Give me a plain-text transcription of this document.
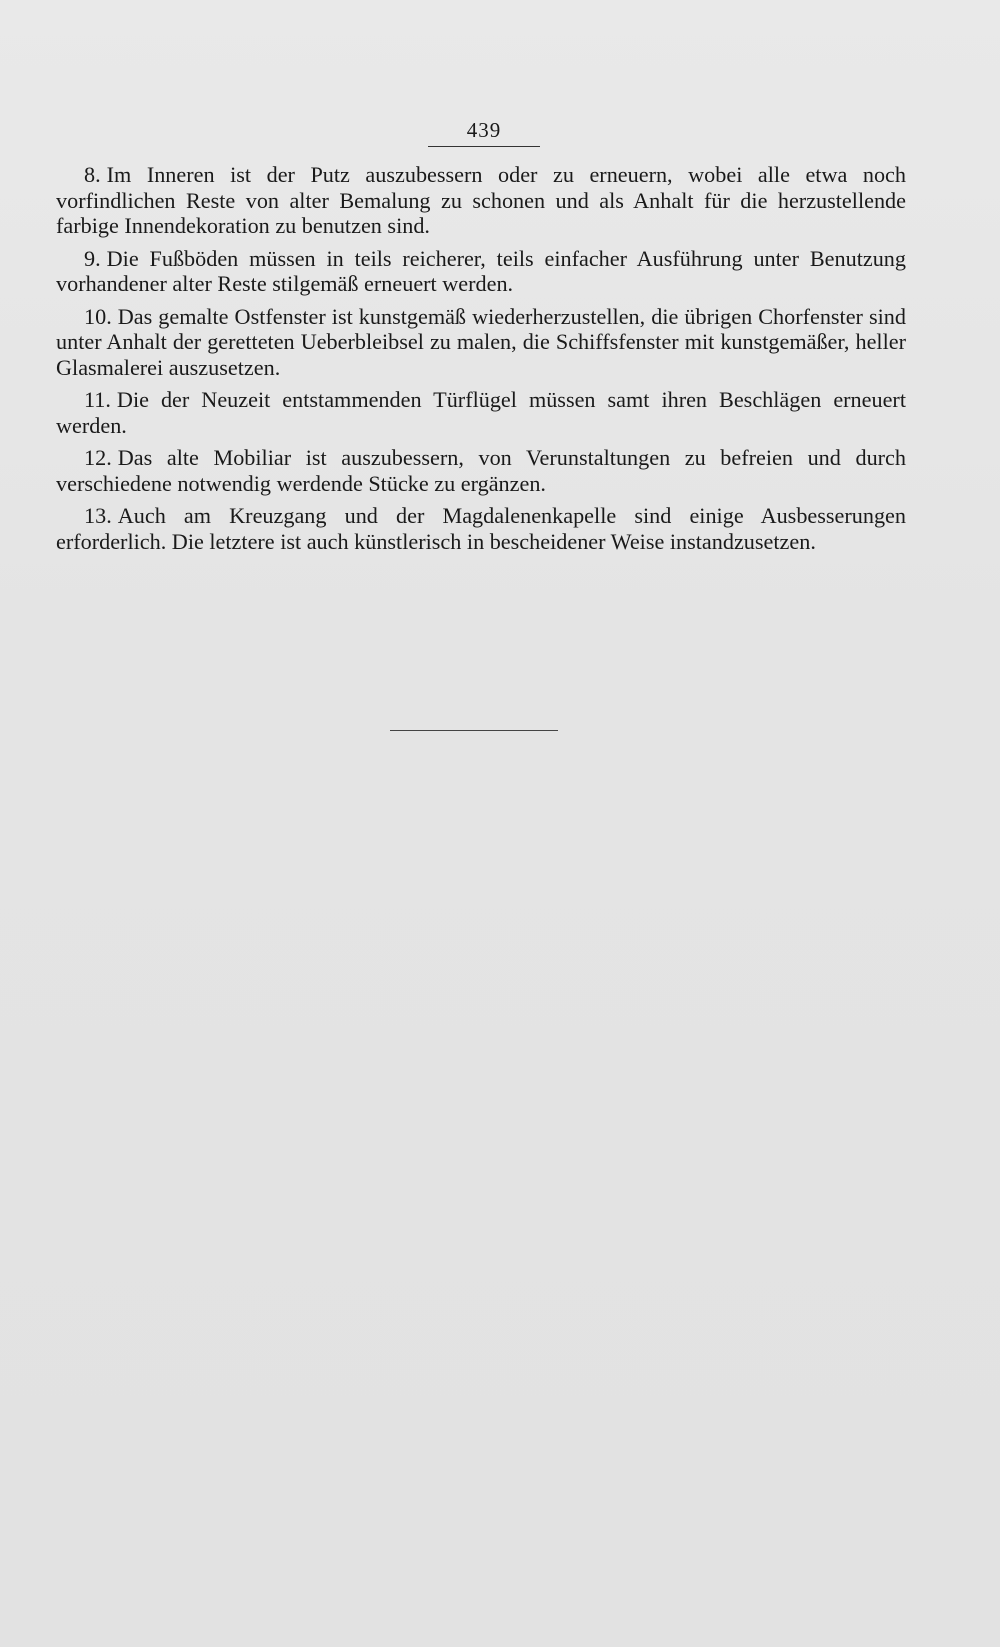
439

8. Im Inneren ist der Putz auszubessern oder zu erneuern, wobei alle etwa noch vorfindlichen Reste von alter Bemalung zu schonen und als Anhalt für die herzustellende farbige Innendekoration zu benutzen sind.

9. Die Fußböden müssen in teils reicherer, teils einfacher Ausführung unter Benutzung vorhandener alter Reste stilgemäß erneuert werden.

10. Das gemalte Ostfenster ist kunstgemäß wiederherzustellen, die übrigen Chorfenster sind unter Anhalt der geretteten Ueberbleibsel zu malen, die Schiffsfenster mit kunstgemäßer, heller Glasmalerei auszusetzen.

11. Die der Neuzeit entstammenden Türflügel müssen samt ihren Beschlägen erneuert werden.

12. Das alte Mobiliar ist auszubessern, von Verunstaltungen zu befreien und durch verschiedene notwendig werdende Stücke zu ergänzen.

13. Auch am Kreuzgang und der Magdalenenkapelle sind einige Ausbesserungen erforderlich. Die letztere ist auch künstlerisch in bescheidener Weise instandzusetzen.
